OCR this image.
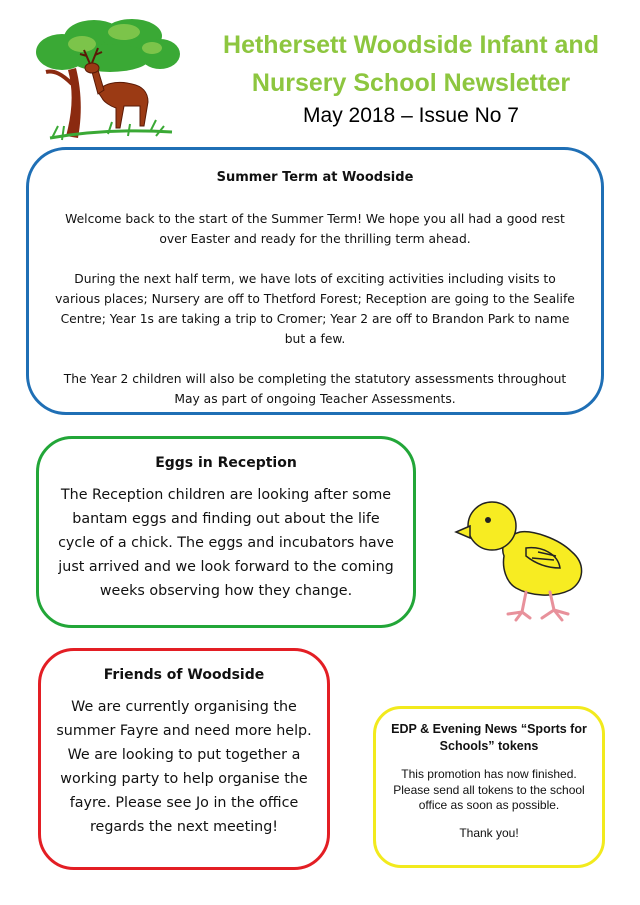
Hethersett Woodside Infant and
Nursery School Newsletter
May 2018 – Issue No 7
Summer Term at Woodside

Welcome back to the start of the Summer Term! We hope you all had a good rest over Easter and ready for the thrilling term ahead.

During the next half term, we have lots of exciting activities including visits to various places; Nursery are off to Thetford Forest; Reception are going to the Sealife Centre; Year 1s are taking a trip to Cromer; Year 2 are off to Brandon Park to name but a few.

The Year 2 children will also be completing the statutory assessments throughout May as part of ongoing Teacher Assessments.

Eggs in Reception

The Reception children are looking after some bantam eggs and finding out about the life cycle of a chick. The eggs and incubators have just arrived and we look forward to the coming weeks observing how they change.

Friends of Woodside

We are currently organising the summer Fayre and need more help. We are looking to put together a working party to help organise the fayre. Please see Jo in the office regards the next meeting!

EDP & Evening News “Sports for Schools” tokens

This promotion has now finished. Please send all tokens to the school office as soon as possible.

Thank you!
